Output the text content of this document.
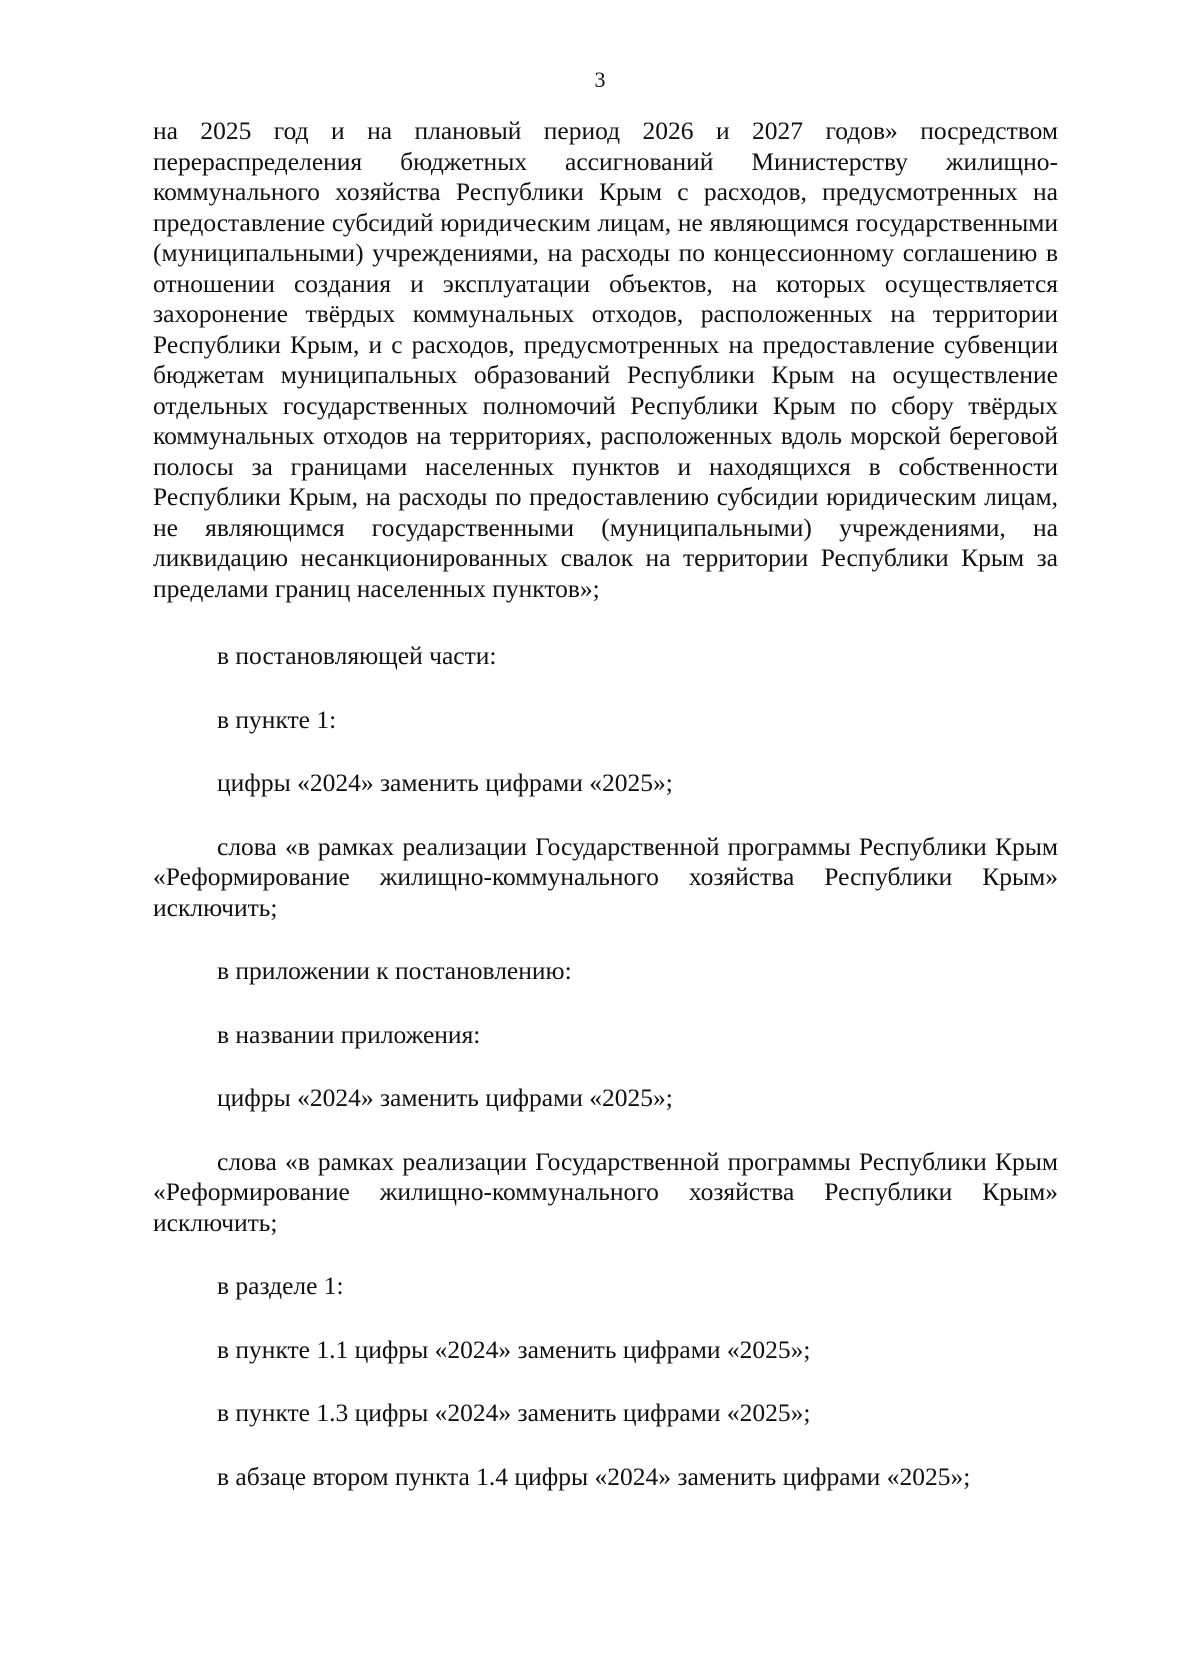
3

на 2025 год и на плановый период 2026 и 2027 годов» посредством перераспределения бюджетных ассигнований Министерству жилищно-коммунального хозяйства Республики Крым с расходов, предусмотренных на предоставление субсидий юридическим лицам, не являющимся государственными (муниципальными) учреждениями, на расходы по концессионному соглашению в отношении создания и эксплуатации объектов, на которых осуществляется захоронение твёрдых коммунальных отходов, расположенных на территории Республики Крым, и с расходов, предусмотренных на предоставление субвенции бюджетам муниципальных образований Республики Крым на осуществление отдельных государственных полномочий Республики Крым по сбору твёрдых коммунальных отходов на территориях, расположенных вдоль морской береговой полосы за границами населенных пунктов и находящихся в собственности Республики Крым, на расходы по предоставлению субсидии юридическим лицам, не являющимся государственными (муниципальными) учреждениями, на ликвидацию несанкционированных свалок на территории Республики Крым за пределами границ населенных пунктов»;

в постановляющей части:

в пункте 1:

цифры «2024» заменить цифрами «2025»;

слова «в рамках реализации Государственной программы Республики Крым «Реформирование жилищно-коммунального хозяйства Республики Крым» исключить;

в приложении к постановлению:

в названии приложения:

цифры «2024» заменить цифрами «2025»;

слова «в рамках реализации Государственной программы Республики Крым «Реформирование жилищно-коммунального хозяйства Республики Крым» исключить;

в разделе 1:

в пункте 1.1 цифры «2024» заменить цифрами «2025»;

в пункте 1.3 цифры «2024» заменить цифрами «2025»;

в абзаце втором пункта 1.4 цифры «2024» заменить цифрами «2025»;
